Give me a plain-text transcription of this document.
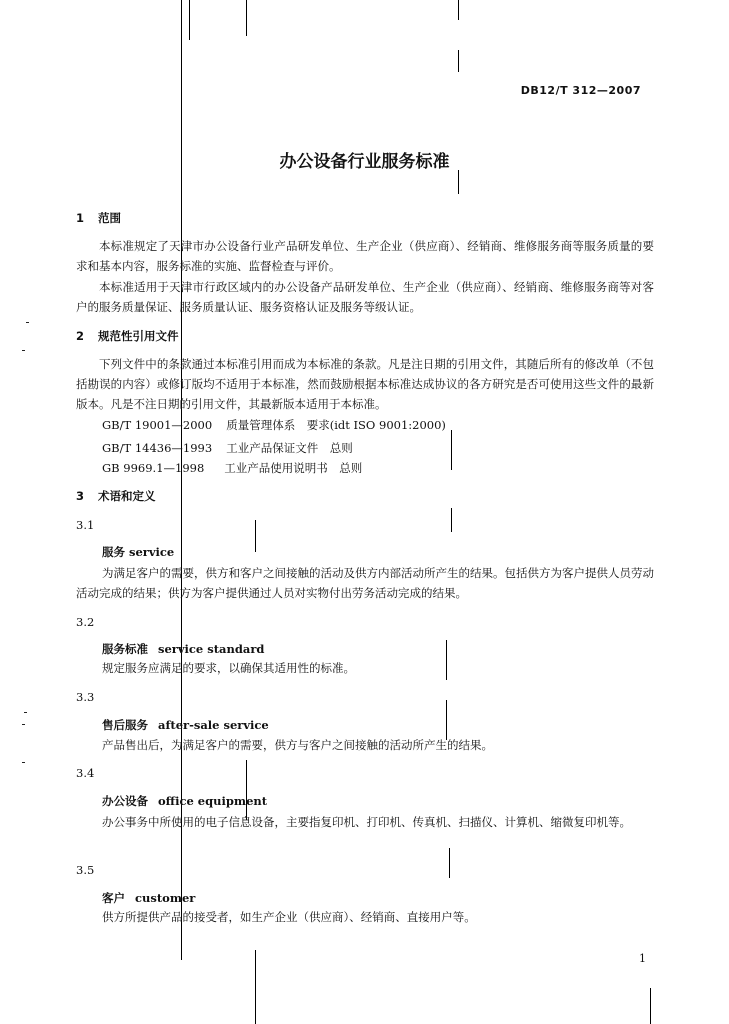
DB12/T 312—2007
办公设备行业服务标准
1 范围
本标准规定了天津市办公设备行业产品研发单位、生产企业（供应商）、经销商、维修服务商等服务质量的要求和基本内容，服务标准的实施、监督检查与评价。
本标准适用于天津市行政区域内的办公设备产品研发单位、生产企业（供应商）、经销商、维修服务商等对客户的服务质量保证、服务质量认证、服务资格认证及服务等级认证。
2 规范性引用文件
下列文件中的条款通过本标准引用而成为本标准的条款。凡是注日期的引用文件，其随后所有的修改单（不包括勘误的内容）或修订版均不适用于本标准，然而鼓励根据本标准达成协议的各方研究是否可使用这些文件的最新版本。凡是不注日期的引用文件，其最新版本适用于本标准。
GB/T 19001—2000 质量管理体系　要求(idt ISO 9001:2000)
GB/T 14436—1993 工业产品保证文件　总则
GB 9969.1—1998 工业产品使用说明书　总则
3 术语和定义
3.1
服务 service
为满足客户的需要，供方和客户之间接触的活动及供方内部活动所产生的结果。包括供方为客户提供人员劳动活动完成的结果；供方为客户提供通过人员对实物付出劳务活动完成的结果。
3.2
服务标准 service standard
规定服务应满足的要求，以确保其适用性的标准。
3.3
售后服务 after-sale service
产品售出后，为满足客户的需要，供方与客户之间接触的活动所产生的结果。
3.4
办公设备 office equipment
办公事务中所使用的电子信息设备，主要指复印机、打印机、传真机、扫描仪、计算机、缩微复印机等。
3.5
客户 customer
供方所提供产品的接受者，如生产企业（供应商）、经销商、直接用户等。
1
